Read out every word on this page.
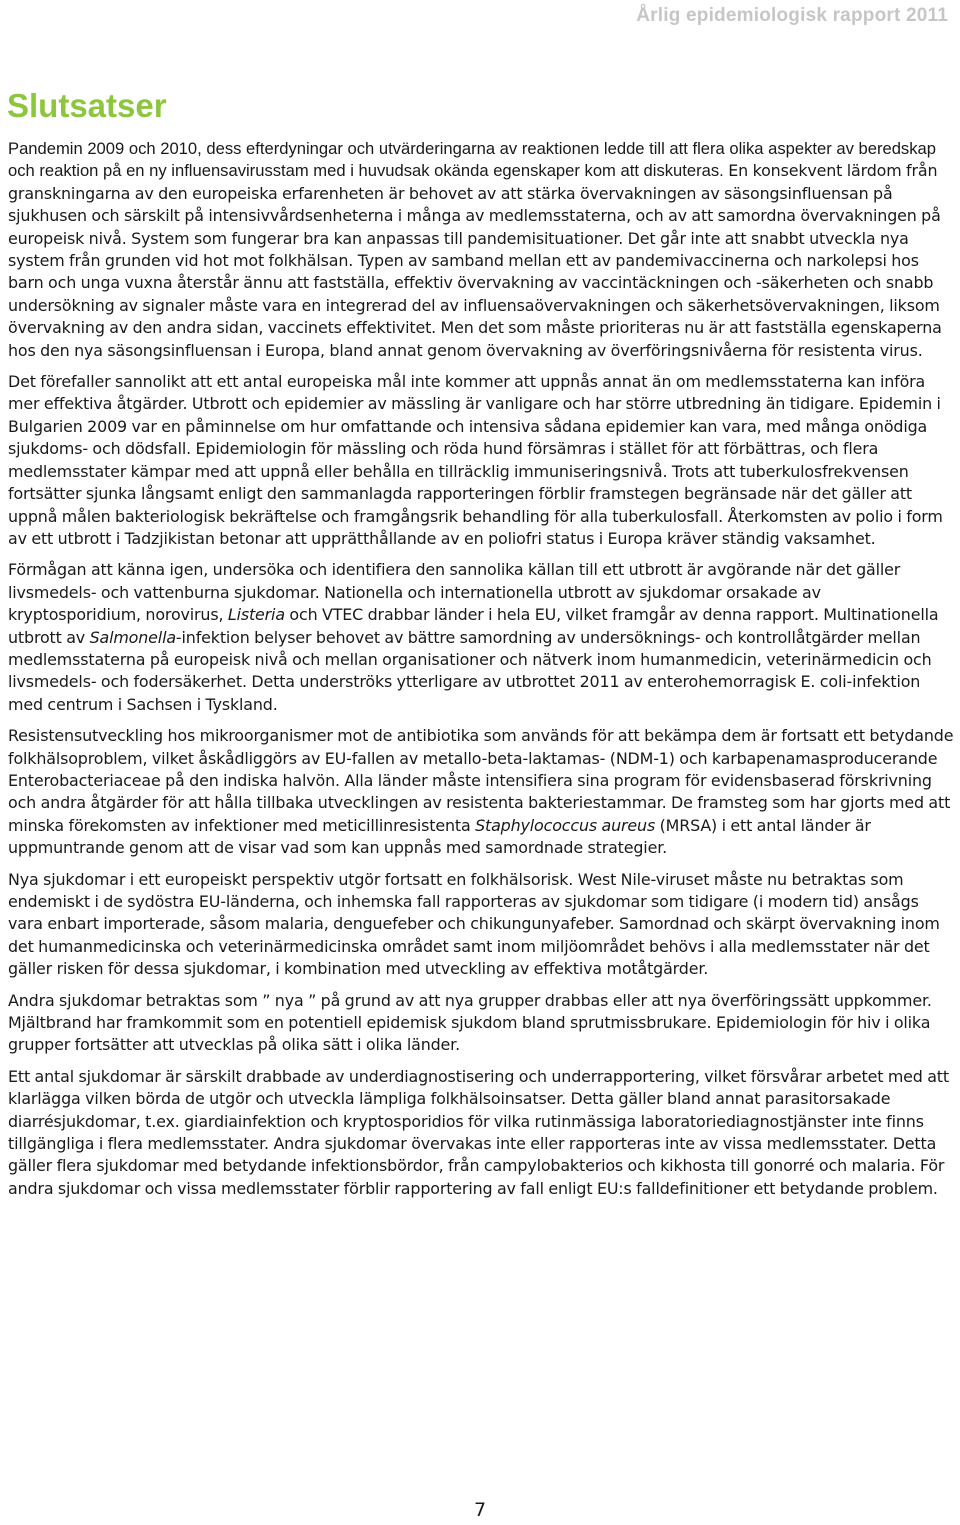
Årlig epidemiologisk rapport 2011
Slutsatser

Pandemin 2009 och 2010, dess efterdyningar och utvärderingarna av reaktionen ledde till att flera olika aspekter av beredskap och reaktion på en ny influensavirusstam med i huvudsak okända egenskaper kom att diskuteras. En konsekvent lärdom från granskningarna av den europeiska erfarenheten är behovet av att stärka övervakningen av säsongsinfluensan på sjukhusen och särskilt på intensivvårdsenheterna i många av medlemsstaterna, och av att samordna övervakningen på europeisk nivå. System som fungerar bra kan anpassas till pandemisituationer. Det går inte att snabbt utveckla nya system från grunden vid hot mot folkhälsan. Typen av samband mellan ett av pandemivaccinerna och narkolepsi hos barn och unga vuxna återstår ännu att fastställa, effektiv övervakning av vaccintäckningen och -säkerheten och snabb undersökning av signaler måste vara en integrerad del av influensaövervakningen och säkerhetsövervakningen, liksom övervakning av den andra sidan, vaccinets effektivitet. Men det som måste prioriteras nu är att fastställa egenskaperna hos den nya säsongsinfluensan i Europa, bland annat genom övervakning av överföringsnivåerna för resistenta virus.

Det förefaller sannolikt att ett antal europeiska mål inte kommer att uppnås annat än om medlemsstaterna kan införa mer effektiva åtgärder. Utbrott och epidemier av mässling är vanligare och har större utbredning än tidigare. Epidemin i Bulgarien 2009 var en påminnelse om hur omfattande och intensiva sådana epidemier kan vara, med många onödiga sjukdoms- och dödsfall. Epidemiologin för mässling och röda hund försämras i stället för att förbättras, och flera medlemsstater kämpar med att uppnå eller behålla en tillräcklig immuniseringsnivå. Trots att tuberkulosfrekvensen fortsätter sjunka långsamt enligt den sammanlagda rapporteringen förblir framstegen begränsade när det gäller att uppnå målen bakteriologisk bekräftelse och framgångsrik behandling för alla tuberkulosfall. Återkomsten av polio i form av ett utbrott i Tadzjikistan betonar att upprätthållande av en poliofri status i Europa kräver ständig vaksamhet.

Förmågan att känna igen, undersöka och identifiera den sannolika källan till ett utbrott är avgörande när det gäller livsmedels- och vattenburna sjukdomar. Nationella och internationella utbrott av sjukdomar orsakade av kryptosporidium, norovirus, Listeria och VTEC drabbar länder i hela EU, vilket framgår av denna rapport. Multinationella utbrott av Salmonella-infektion belyser behovet av bättre samordning av undersöknings- och kontrollåtgärder mellan medlemsstaterna på europeisk nivå och mellan organisationer och nätverk inom humanmedicin, veterinärmedicin och livsmedels- och fodersäkerhet. Detta underströks ytterligare av utbrottet 2011 av enterohemorragisk E. coli-infektion med centrum i Sachsen i Tyskland.

Resistensutveckling hos mikroorganismer mot de antibiotika som används för att bekämpa dem är fortsatt ett betydande folkhälsoproblem, vilket åskådliggörs av EU-fallen av metallo-beta-laktamas- (NDM-1) och karbapenamasproducerande Enterobacteriaceae på den indiska halvön. Alla länder måste intensifiera sina program för evidensbaserad förskrivning och andra åtgärder för att hålla tillbaka utvecklingen av resistenta bakteriestammar. De framsteg som har gjorts med att minska förekomsten av infektioner med meticillinresistenta Staphylococcus aureus (MRSA) i ett antal länder är uppmuntrande genom att de visar vad som kan uppnås med samordnade strategier.

Nya sjukdomar i ett europeiskt perspektiv utgör fortsatt en folkhälsorisk. West Nile-viruset måste nu betraktas som endemiskt i de sydöstra EU-länderna, och inhemska fall rapporteras av sjukdomar som tidigare (i modern tid) ansågs vara enbart importerade, såsom malaria, denguefeber och chikungunyafeber. Samordnad och skärpt övervakning inom det humanmedicinska och veterinärmedicinska området samt inom miljöområdet behövs i alla medlemsstater när det gäller risken för dessa sjukdomar, i kombination med utveckling av effektiva motåtgärder.

Andra sjukdomar betraktas som ” nya ” på grund av att nya grupper drabbas eller att nya överföringssätt uppkommer. Mjältbrand har framkommit som en potentiell epidemisk sjukdom bland sprutmissbrukare. Epidemiologin för hiv i olika grupper fortsätter att utvecklas på olika sätt i olika länder.

Ett antal sjukdomar är särskilt drabbade av underdiagnostisering och underrapportering, vilket försvårar arbetet med att klarlägga vilken börda de utgör och utveckla lämpliga folkhälsoinsatser. Detta gäller bland annat parasitorsakade diarrésjukdomar, t.ex. giardiainfektion och kryptosporidios för vilka rutinmässiga laboratoriediagnostjänster inte finns tillgängliga i flera medlemsstater. Andra sjukdomar övervakas inte eller rapporteras inte av vissa medlemsstater. Detta gäller flera sjukdomar med betydande infektionsbördor, från campylobakterios och kikhosta till gonorré och malaria. För andra sjukdomar och vissa medlemsstater förblir rapportering av fall enligt EU:s falldefinitioner ett betydande problem.

7
